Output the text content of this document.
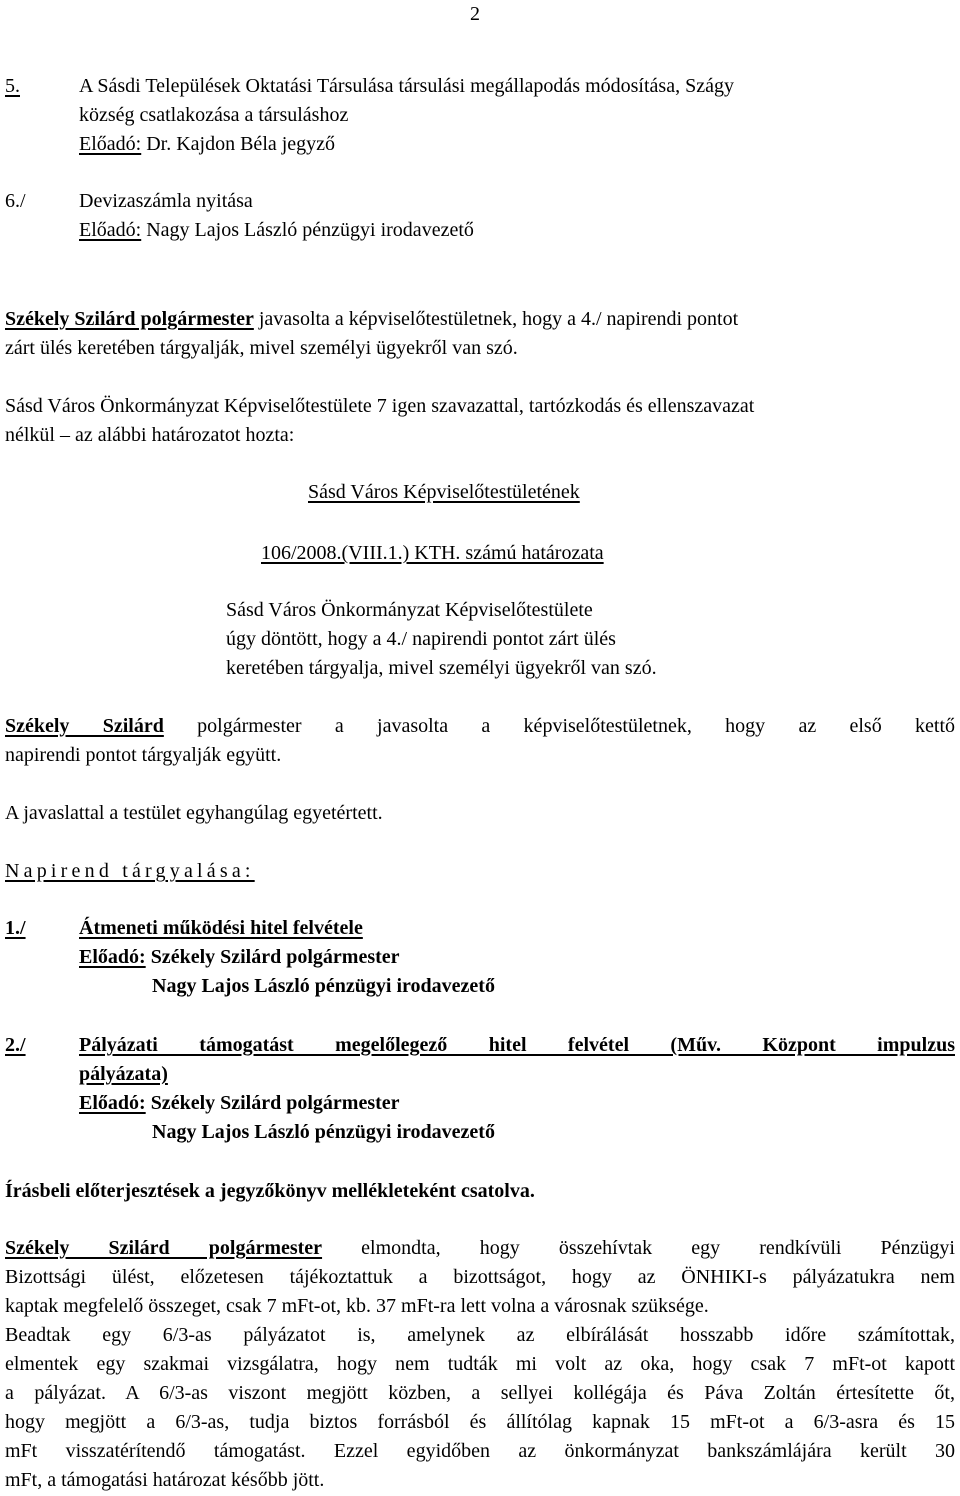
2
5.	A Sásdi Települések Oktatási Társulása társulási megállapodás módosítása, Szágy
község csatlakozása a társuláshoz
Előadó: Dr. Kajdon Béla jegyző
6./	Devizaszámla nyitása
Előadó: Nagy Lajos László pénzügyi irodavezető
Székely Szilárd polgármester javasolta a képviselőtestületnek, hogy a 4./ napirendi pontot
zárt ülés keretében tárgyalják, mivel személyi ügyekről van szó.
Sásd Város Önkormányzat Képviselőtestülete 7 igen szavazattal, tartózkodás és ellenszavazat
nélkül – az alábbi határozatot hozta:
Sásd Város Képviselőtestületének
106/2008.(VIII.1.) KTH. számú határozata
Sásd Város Önkormányzat Képviselőtestülete
úgy döntött, hogy a 4./ napirendi pontot zárt ülés
keretében tárgyalja, mivel személyi ügyekről van szó.
Székely Szilárd polgármester a javasolta a képviselőtestületnek, hogy az első kettő
napirendi pontot tárgyalják együtt.
A javaslattal a testület egyhangúlag egyetértett.
Napirend tárgyalása:
1./	Átmeneti működési hitel felvétele
Előadó: Székely Szilárd polgármester
Nagy Lajos László pénzügyi irodavezető
2./	Pályázati támogatást megelőlegező hitel felvétel (Műv. Központ impulzus
pályázata)
Előadó: Székely Szilárd polgármester
Nagy Lajos László pénzügyi irodavezető
Írásbeli előterjesztések a jegyzőkönyv mellékleteként csatolva.
Székely Szilárd polgármester elmondta, hogy összehívtak egy rendkívüli Pénzügyi
Bizottsági ülést, előzetesen tájékoztattuk a bizottságot, hogy az ÖNHIKI-s pályázatukra nem
kaptak megfelelő összeget, csak 7 mFt-ot, kb. 37 mFt-ra lett volna a városnak szüksége.
Beadtak egy 6/3-as pályázatot is, amelynek az elbírálását hosszabb időre számítottak,
elmentek egy szakmai vizsgálatra, hogy nem tudták mi volt az oka, hogy csak 7 mFt-ot kapott
a pályázat. A 6/3-as viszont megjött közben, a sellyei kollégája és Páva Zoltán értesítette őt,
hogy megjött a 6/3-as, tudja biztos forrásból és állítólag kapnak 15 mFt-ot a 6/3-asra és 15
mFt visszatérítendő támogatást. Ezzel egyidőben az önkormányzat bankszámlájára került 30
mFt, a támogatási határozat később jött.
